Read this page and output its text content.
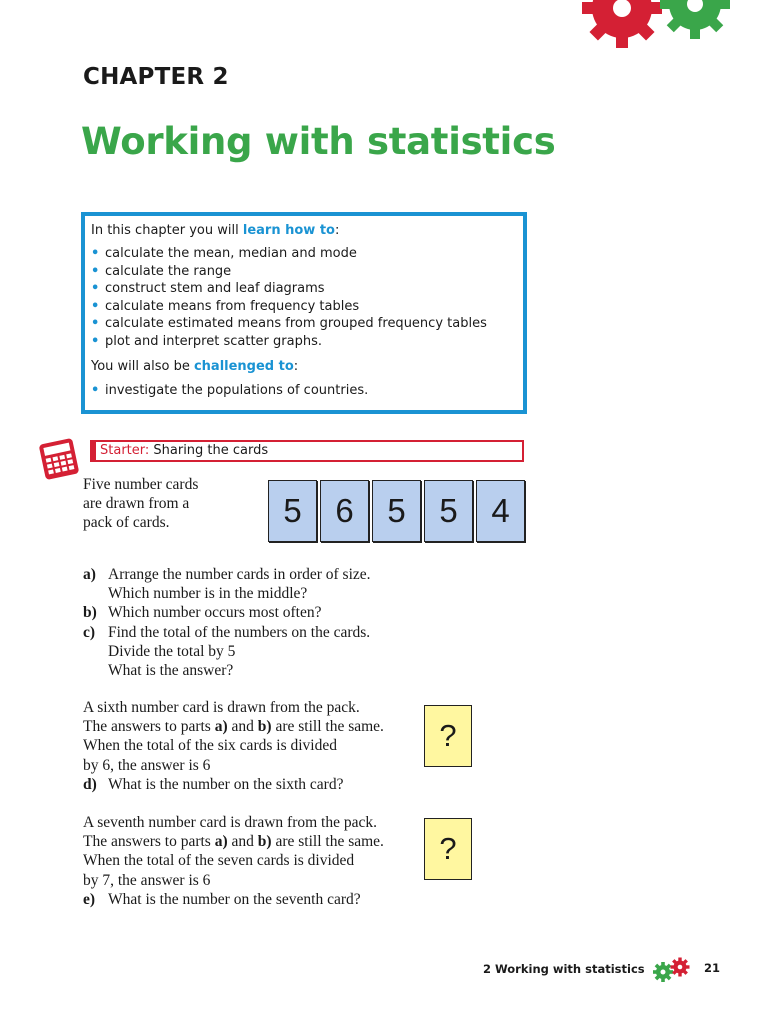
CHAPTER 2
Working with statistics

In this chapter you will learn how to:

• calculate the mean, median and mode
• calculate the range
• construct stem and leaf diagrams
• calculate means from frequency tables
• calculate estimated means from grouped frequency tables
• plot and interpret scatter graphs.

You will also be challenged to:

• investigate the populations of countries.
Starter: Sharing the cards
Five number cards
are drawn from a
pack of cards.	5	6	5	5	4
a) Arrange the number cards in order of size.
Which number is in the middle?
b) Which number occurs most often?
c) Find the total of the numbers on the cards.
Divide the total by 5
What is the answer?
A sixth number card is drawn from the pack.
The answers to parts a) and b) are still the same.
When the total of the six cards is divided
by 6, the answer is 6
d) What is the number on the sixth card?
?
A seventh number card is drawn from the pack.
The answers to parts a) and b) are still the same.
When the total of the seven cards is divided
by 7, the answer is 6
e) What is the number on the seventh card?
?
2 Working with statistics	21
